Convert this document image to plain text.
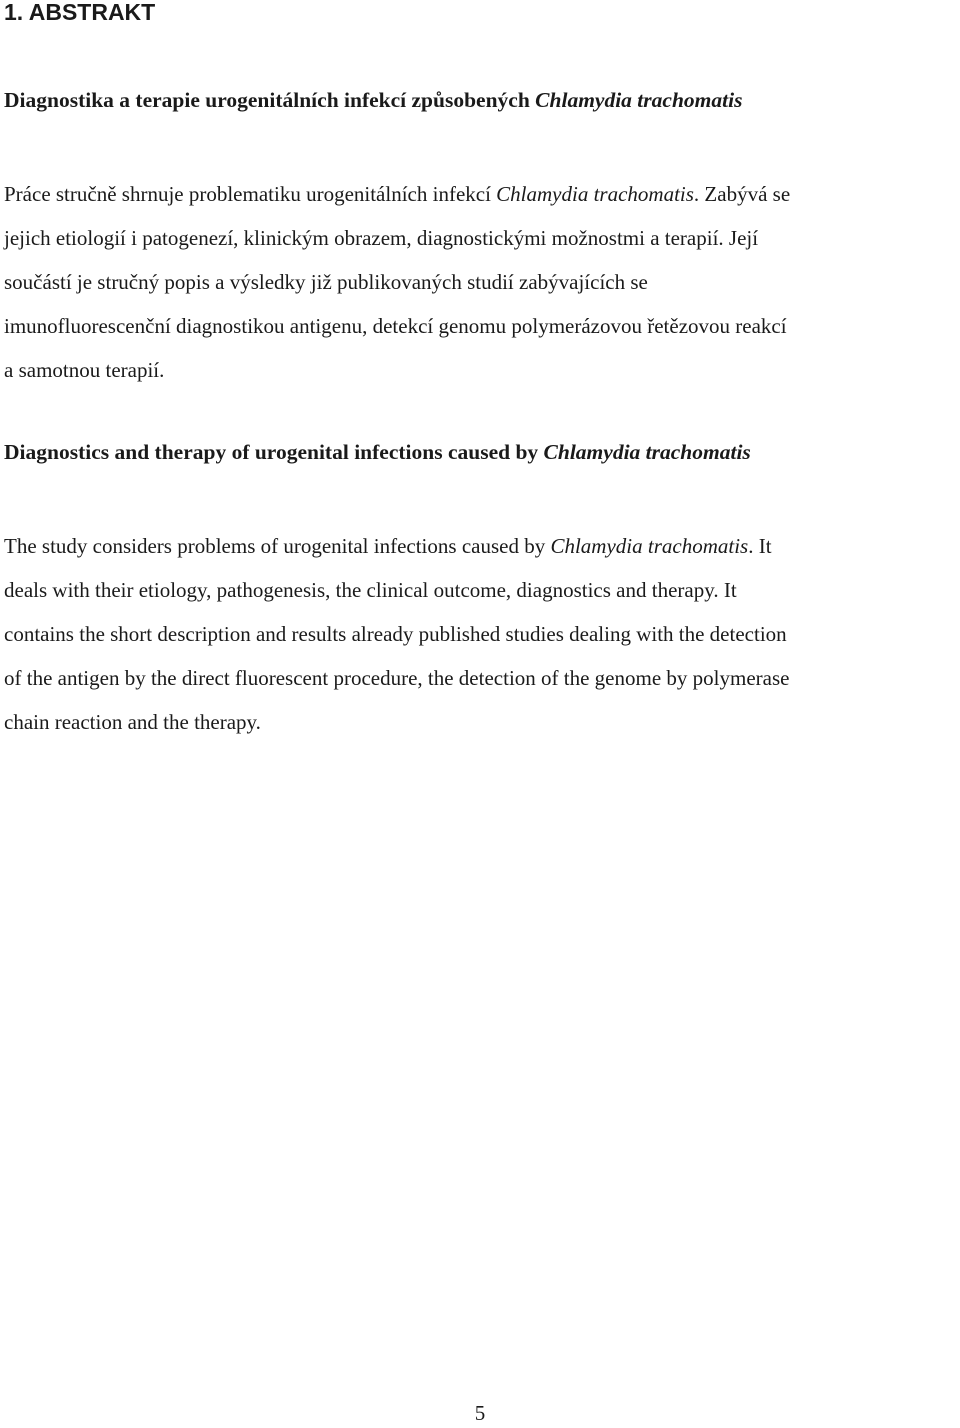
1. ABSTRAKT
Diagnostika a terapie urogenitálních infekcí způsobených Chlamydia trachomatis

Práce stručně shrnuje problematiku urogenitálních infekcí Chlamydia trachomatis. Zabývá se
jejich etiologií i patogenezí, klinickým obrazem, diagnostickými možnostmi a terapií. Její
součástí je stručný popis a výsledky již publikovaných studií zabývajících se
imunofluorescenční diagnostikou antigenu, detekcí genomu polymerázovou řetězovou reakcí
a samotnou terapií.

Diagnostics and therapy of urogenital infections caused by Chlamydia trachomatis

The study considers problems of urogenital infections caused by Chlamydia trachomatis. It
deals with their etiology, pathogenesis, the clinical outcome, diagnostics and therapy. It
contains the short description and results already published studies dealing with the detection
of the antigen by the direct fluorescent procedure, the detection of the genome by polymerase
chain reaction and the therapy.

5
